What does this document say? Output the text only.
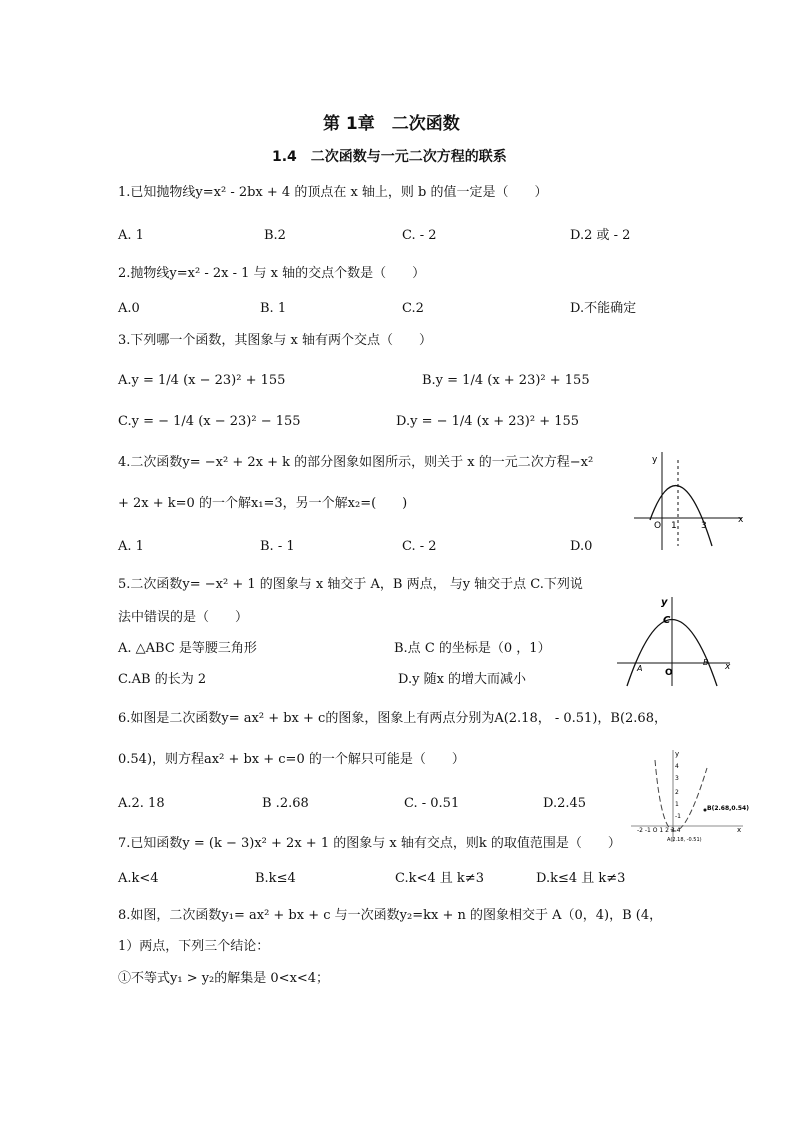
第 1章　二次函数
1.4　二次函数与一元二次方程的联系
1.已知抛物线y=x² - 2bx + 4 的顶点在 x 轴上，则 b 的值一定是（　　）
A. 1	B.2	C. - 2	D.2 或 - 2
2.抛物线y=x² - 2x - 1 与 x 轴的交点个数是（　　）
A.0	B. 1	C.2	D.不能确定
3.下列哪一个函数，其图象与 x 轴有两个交点（　　）
A.y = 1/4 (x − 23)² + 155	B.y = 1/4 (x + 23)² + 155
C.y = − 1/4 (x − 23)² − 155	D.y = − 1/4 (x + 23)² + 155
4.二次函数y= −x² + 2x + k 的部分图象如图所示，则关于 x 的一元二次方程−x²
+ 2x + k=0 的一个解x₁=3，另一个解x₂=(　　)
A. 1	B. - 1	C. - 2	D.0
y
x
O 1	3
5.二次函数y= −x² + 1 的图象与 x 轴交于 A，B 两点， 与y 轴交于点 C.下列说
法中错误的是（　　）
A. △ABC 是等腰三角形	B.点 C 的坐标是（0 ，1）
C.AB 的长为 2	D.y 随x 的增大而减小
y
x
C
A
B
O
6.如图是二次函数y= ax² + bx + c的图象，图象上有两点分别为A(2.18， - 0.51)，B(2.68，
0.54)，则方程ax² + bx + c=0 的一个解只可能是（　　）
A.2. 18	B .2.68	C. - 0.51	D.2.45
y
4
3
2
1
-1
-2 -1 O 1 2 3 4	x
B(2.68,0.54)
A(2.18, -0.51)
7.已知函数y = (k − 3)x² + 2x + 1 的图象与 x 轴有交点，则k 的取值范围是（　　）
A.k<4	B.k≤4	C.k<4 且 k≠3	D.k≤4 且 k≠3
8.如图，二次函数y₁= ax² + bx + c 与一次函数y₂=kx + n 的图象相交于 A（0，4)，B (4，
1）两点，下列三个结论：
①不等式y₁ > y₂的解集是 0<x<4；
